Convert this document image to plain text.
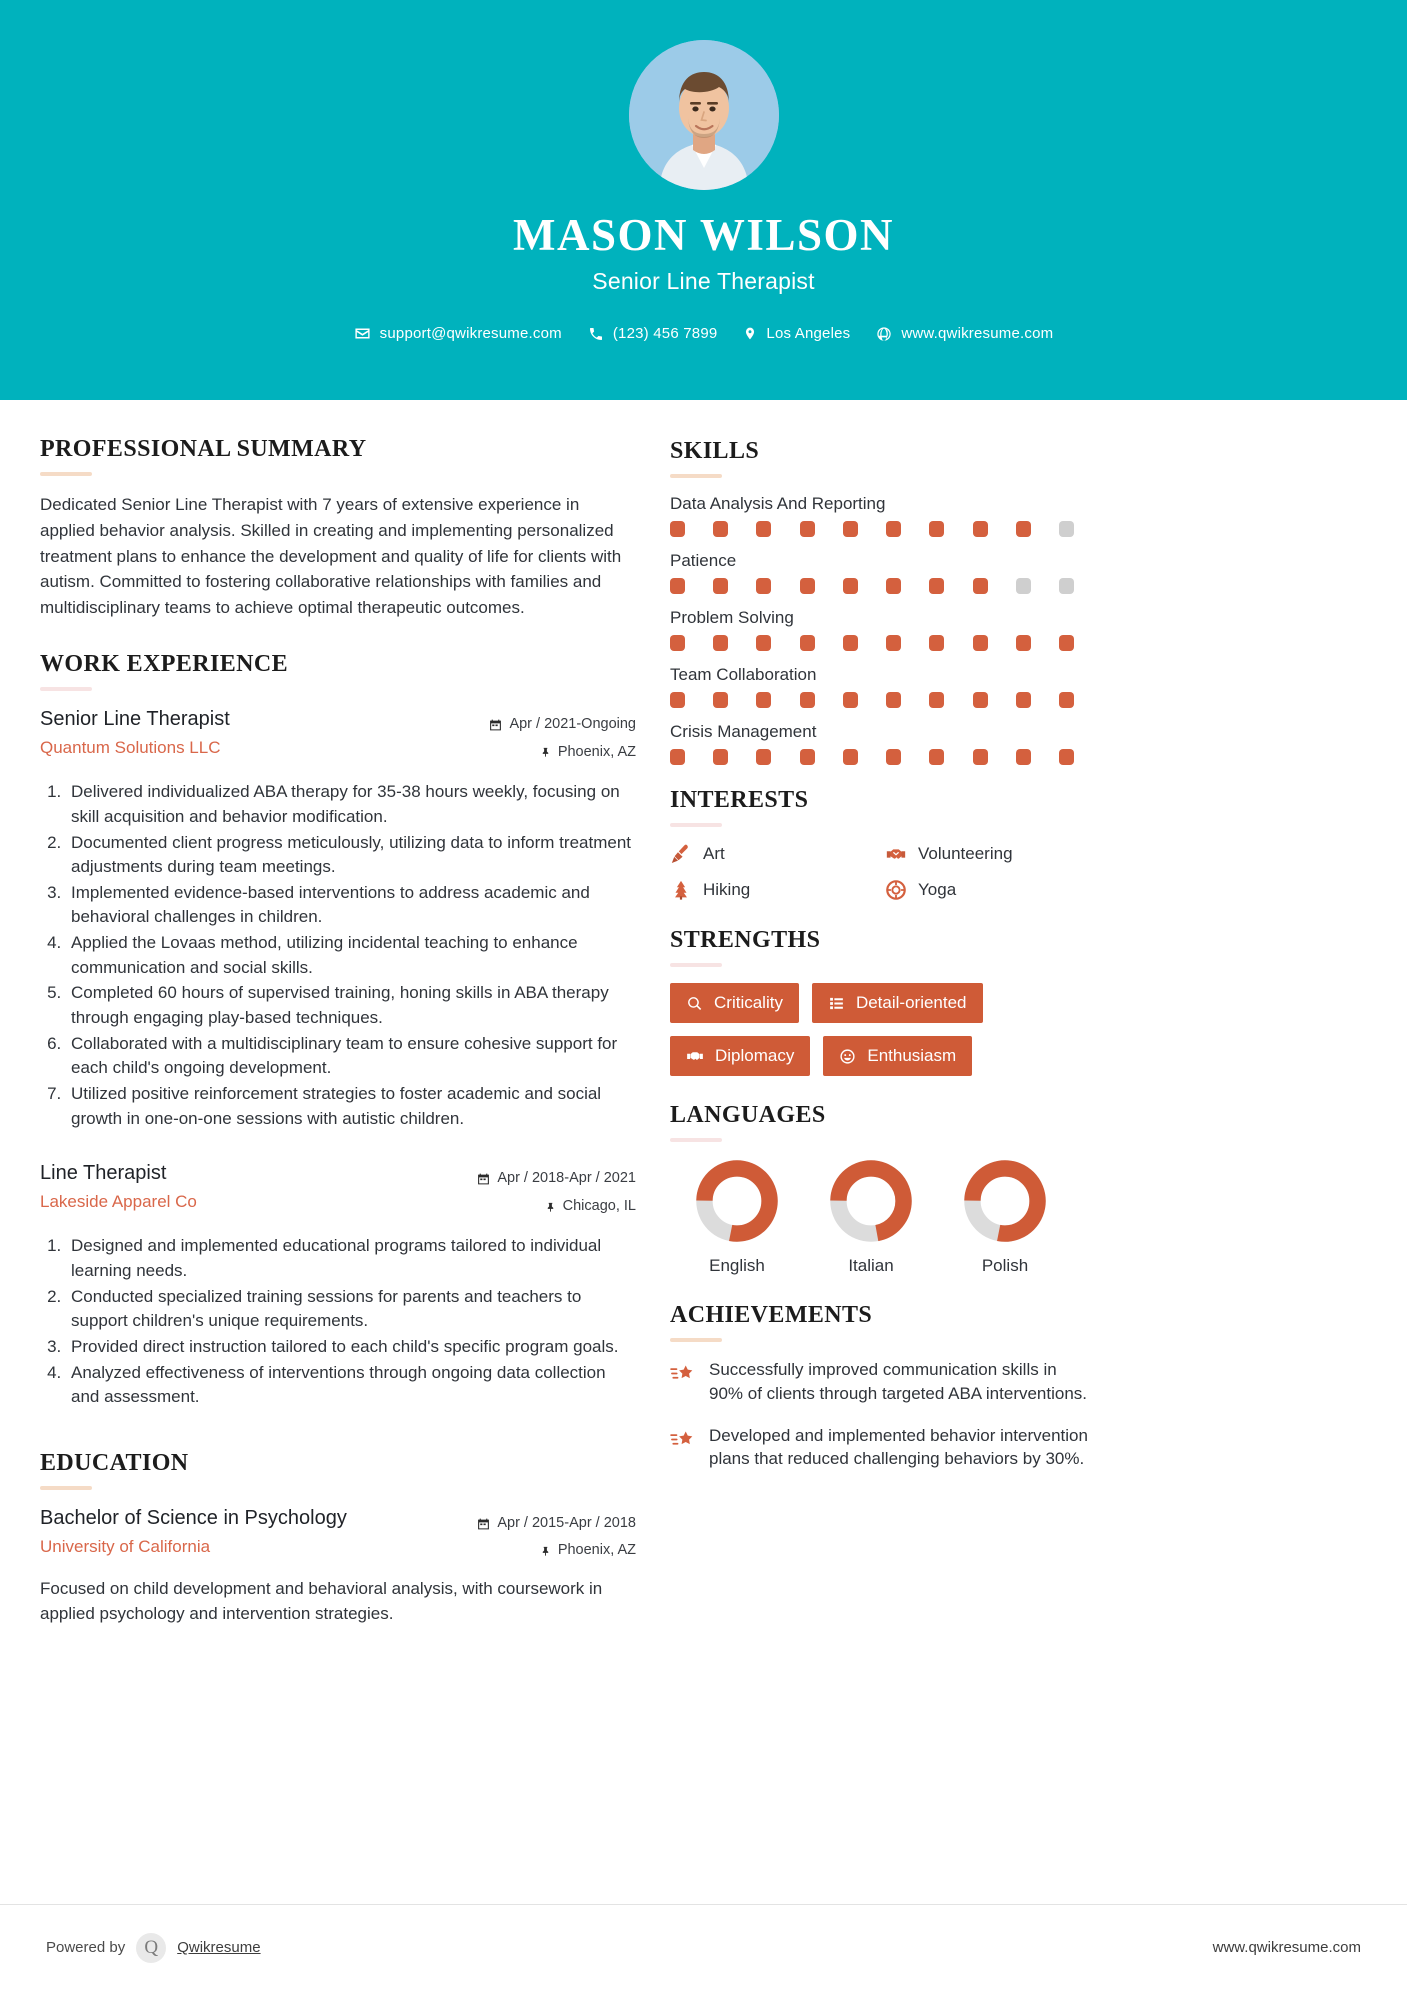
MASON WILSON
Senior Line Therapist
support@qwikresume.com	(123) 456 7899	Los Angeles	www.qwikresume.com
PROFESSIONAL SUMMARY
Dedicated Senior Line Therapist with 7 years of extensive experience in applied behavior analysis. Skilled in creating and implementing personalized treatment plans to enhance the development and quality of life for clients with autism. Committed to fostering collaborative relationships with families and multidisciplinary teams to achieve optimal therapeutic outcomes.
WORK EXPERIENCE
Senior Line Therapist
Quantum Solutions LLC
Apr / 2021-Ongoing
Phoenix, AZ
1. Delivered individualized ABA therapy for 35-38 hours weekly, focusing on skill acquisition and behavior modification.
2. Documented client progress meticulously, utilizing data to inform treatment adjustments during team meetings.
3. Implemented evidence-based interventions to address academic and behavioral challenges in children.
4. Applied the Lovaas method, utilizing incidental teaching to enhance communication and social skills.
5. Completed 60 hours of supervised training, honing skills in ABA therapy through engaging play-based techniques.
6. Collaborated with a multidisciplinary team to ensure cohesive support for each child's ongoing development.
7. Utilized positive reinforcement strategies to foster academic and social growth in one-on-one sessions with autistic children.
Line Therapist
Lakeside Apparel Co
Apr / 2018-Apr / 2021
Chicago, IL
1. Designed and implemented educational programs tailored to individual learning needs.
2. Conducted specialized training sessions for parents and teachers to support children's unique requirements.
3. Provided direct instruction tailored to each child's specific program goals.
4. Analyzed effectiveness of interventions through ongoing data collection and assessment.
EDUCATION
Bachelor of Science in Psychology
University of California
Apr / 2015-Apr / 2018
Phoenix, AZ
Focused on child development and behavioral analysis, with coursework in applied psychology and intervention strategies.
SKILLS
Data Analysis And Reporting
Patience
Problem Solving
Team Collaboration
Crisis Management
INTERESTS
Art	Volunteering
Hiking	Yoga
STRENGTHS
Criticality	Detail-oriented
Diplomacy	Enthusiasm
LANGUAGES
English	Italian	Polish
ACHIEVEMENTS
Successfully improved communication skills in 90% of clients through targeted ABA interventions.
Developed and implemented behavior intervention plans that reduced challenging behaviors by 30%.
Powered by	Q	Qwikresume	www.qwikresume.com
